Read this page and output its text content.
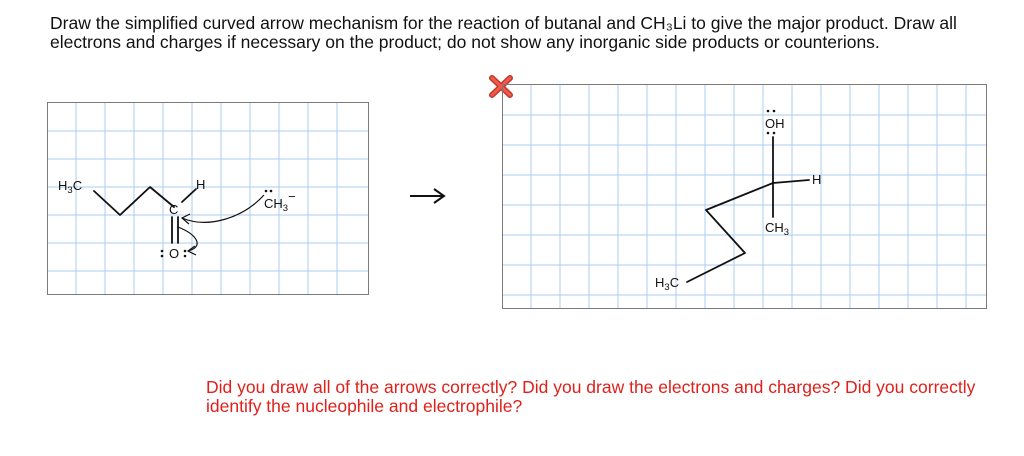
Draw the simplified curved arrow mechanism for the reaction of butanal and CH₃Li to give the major product. Draw all electrons and charges if necessary on the product; do not show any inorganic side products or counterions.

$H_3C$
C
H
O
$CH_3-$
OH
H
$CH_3$
$H_3C$

Did you draw all of the arrows correctly? Did you draw the electrons and charges? Did you correctly identify the nucleophile and electrophile?
